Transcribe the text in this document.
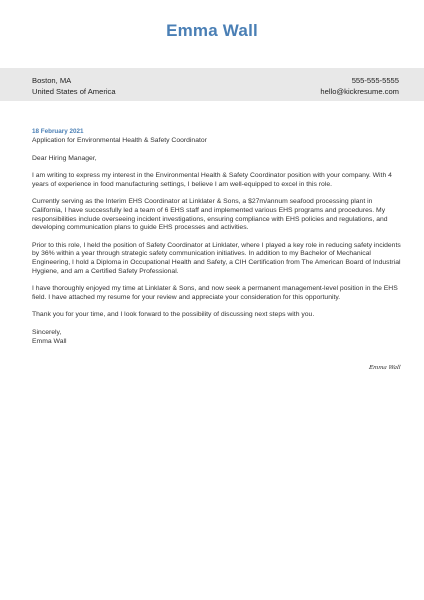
Emma Wall
Boston, MA
United States of America
555-555-5555
hello@kickresume.com
18 February 2021
Application for Environmental Health & Safety Coordinator
Dear Hiring Manager,
I am writing to express my interest in the Environmental Health & Safety Coordinator position with your company. With 4 years of experience in food manufacturing settings, I believe I am well-equipped to excel in this role.
Currently serving as the Interim EHS Coordinator at Linklater & Sons, a $27m/annum seafood processing plant in California, I have successfully led a team of 6 EHS staff and implemented various EHS programs and procedures. My responsibilities include overseeing incident investigations, ensuring compliance with EHS policies and regulations, and developing communication plans to guide EHS processes and activities.
Prior to this role, I held the position of Safety Coordinator at Linklater, where I played a key role in reducing safety incidents by 36% within a year through strategic safety communication initiatives. In addition to my Bachelor of Mechanical Engineering, I hold a Diploma in Occupational Health and Safety, a CIH Certification from The American Board of Industrial Hygiene, and am a Certified Safety Professional.
I have thoroughly enjoyed my time at Linklater & Sons, and now seek a permanent management-level position in the EHS field. I have attached my resume for your review and appreciate your consideration for this opportunity.
Thank you for your time, and I look forward to the possibility of discussing next steps with you.
Sincerely,
Emma Wall
Emma Wall
